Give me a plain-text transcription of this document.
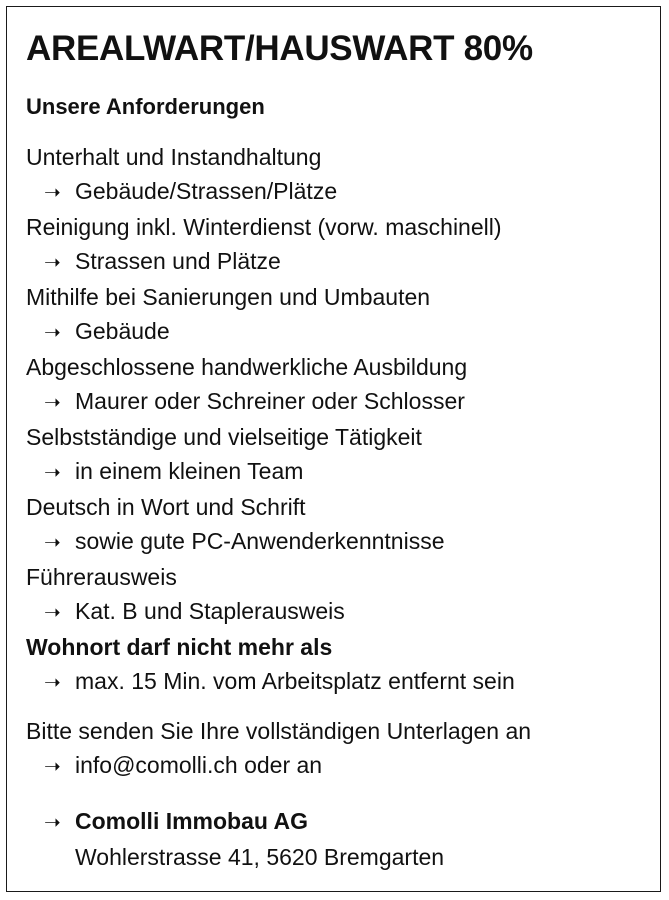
AREALWART/HAUSWART 80%
Unsere Anforderungen
Unterhalt und Instandhaltung
➝ Gebäude/Strassen/Plätze
Reinigung inkl. Winterdienst (vorw. maschinell)
➝ Strassen und Plätze
Mithilfe bei Sanierungen und Umbauten
➝ Gebäude
Abgeschlossene handwerkliche Ausbildung
➝ Maurer oder Schreiner oder Schlosser
Selbstständige und vielseitige Tätigkeit
➝ in einem kleinen Team
Deutsch in Wort und Schrift
➝ sowie gute PC-Anwenderkenntnisse
Führerausweis
➝ Kat. B und Staplerausweis
Wohnort darf nicht mehr als
➝ max. 15 Min. vom Arbeitsplatz entfernt sein
Bitte senden Sie Ihre vollständigen Unterlagen an
➝ info@comolli.ch oder an
➝ Comolli Immobau AG
Wohlerstrasse 41, 5620 Bremgarten
